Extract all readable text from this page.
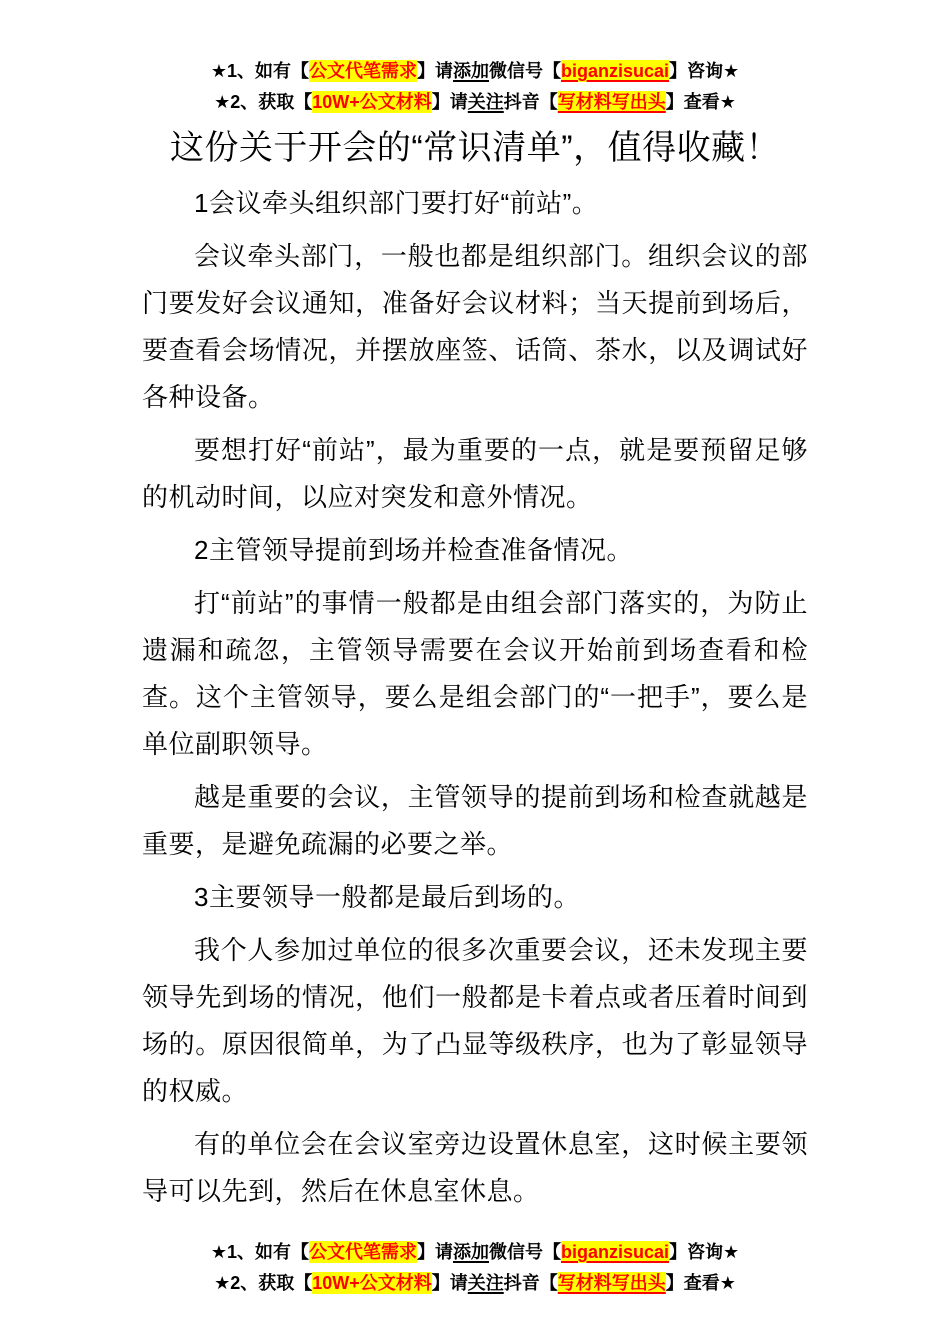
★1、如有【公文代笔需求】请添加微信号【biganzisucai】咨询★
★2、获取【10W+公文材料】请关注抖音【写材料写出头】查看★
这份关于开会的“常识清单”，值得收藏！

1会议牵头组织部门要打好“前站”。

会议牵头部门，一般也都是组织部门。组织会议的部门要发好会议通知，准备好会议材料；当天提前到场后，要查看会场情况，并摆放座签、话筒、茶水，以及调试好各种设备。

要想打好“前站”，最为重要的一点，就是要预留足够的机动时间，以应对突发和意外情况。

2主管领导提前到场并检查准备情况。

打“前站”的事情一般都是由组会部门落实的，为防止遗漏和疏忽，主管领导需要在会议开始前到场查看和检查。这个主管领导，要么是组会部门的“一把手”，要么是单位副职领导。

越是重要的会议，主管领导的提前到场和检查就越是重要，是避免疏漏的必要之举。

3主要领导一般都是最后到场的。

我个人参加过单位的很多次重要会议，还未发现主要领导先到场的情况，他们一般都是卡着点或者压着时间到场的。原因很简单，为了凸显等级秩序，也为了彰显领导的权威。

有的单位会在会议室旁边设置休息室，这时候主要领导可以先到，然后在休息室休息。

★1、如有【公文代笔需求】请添加微信号【biganzisucai】咨询★
★2、获取【10W+公文材料】请关注抖音【写材料写出头】查看★
